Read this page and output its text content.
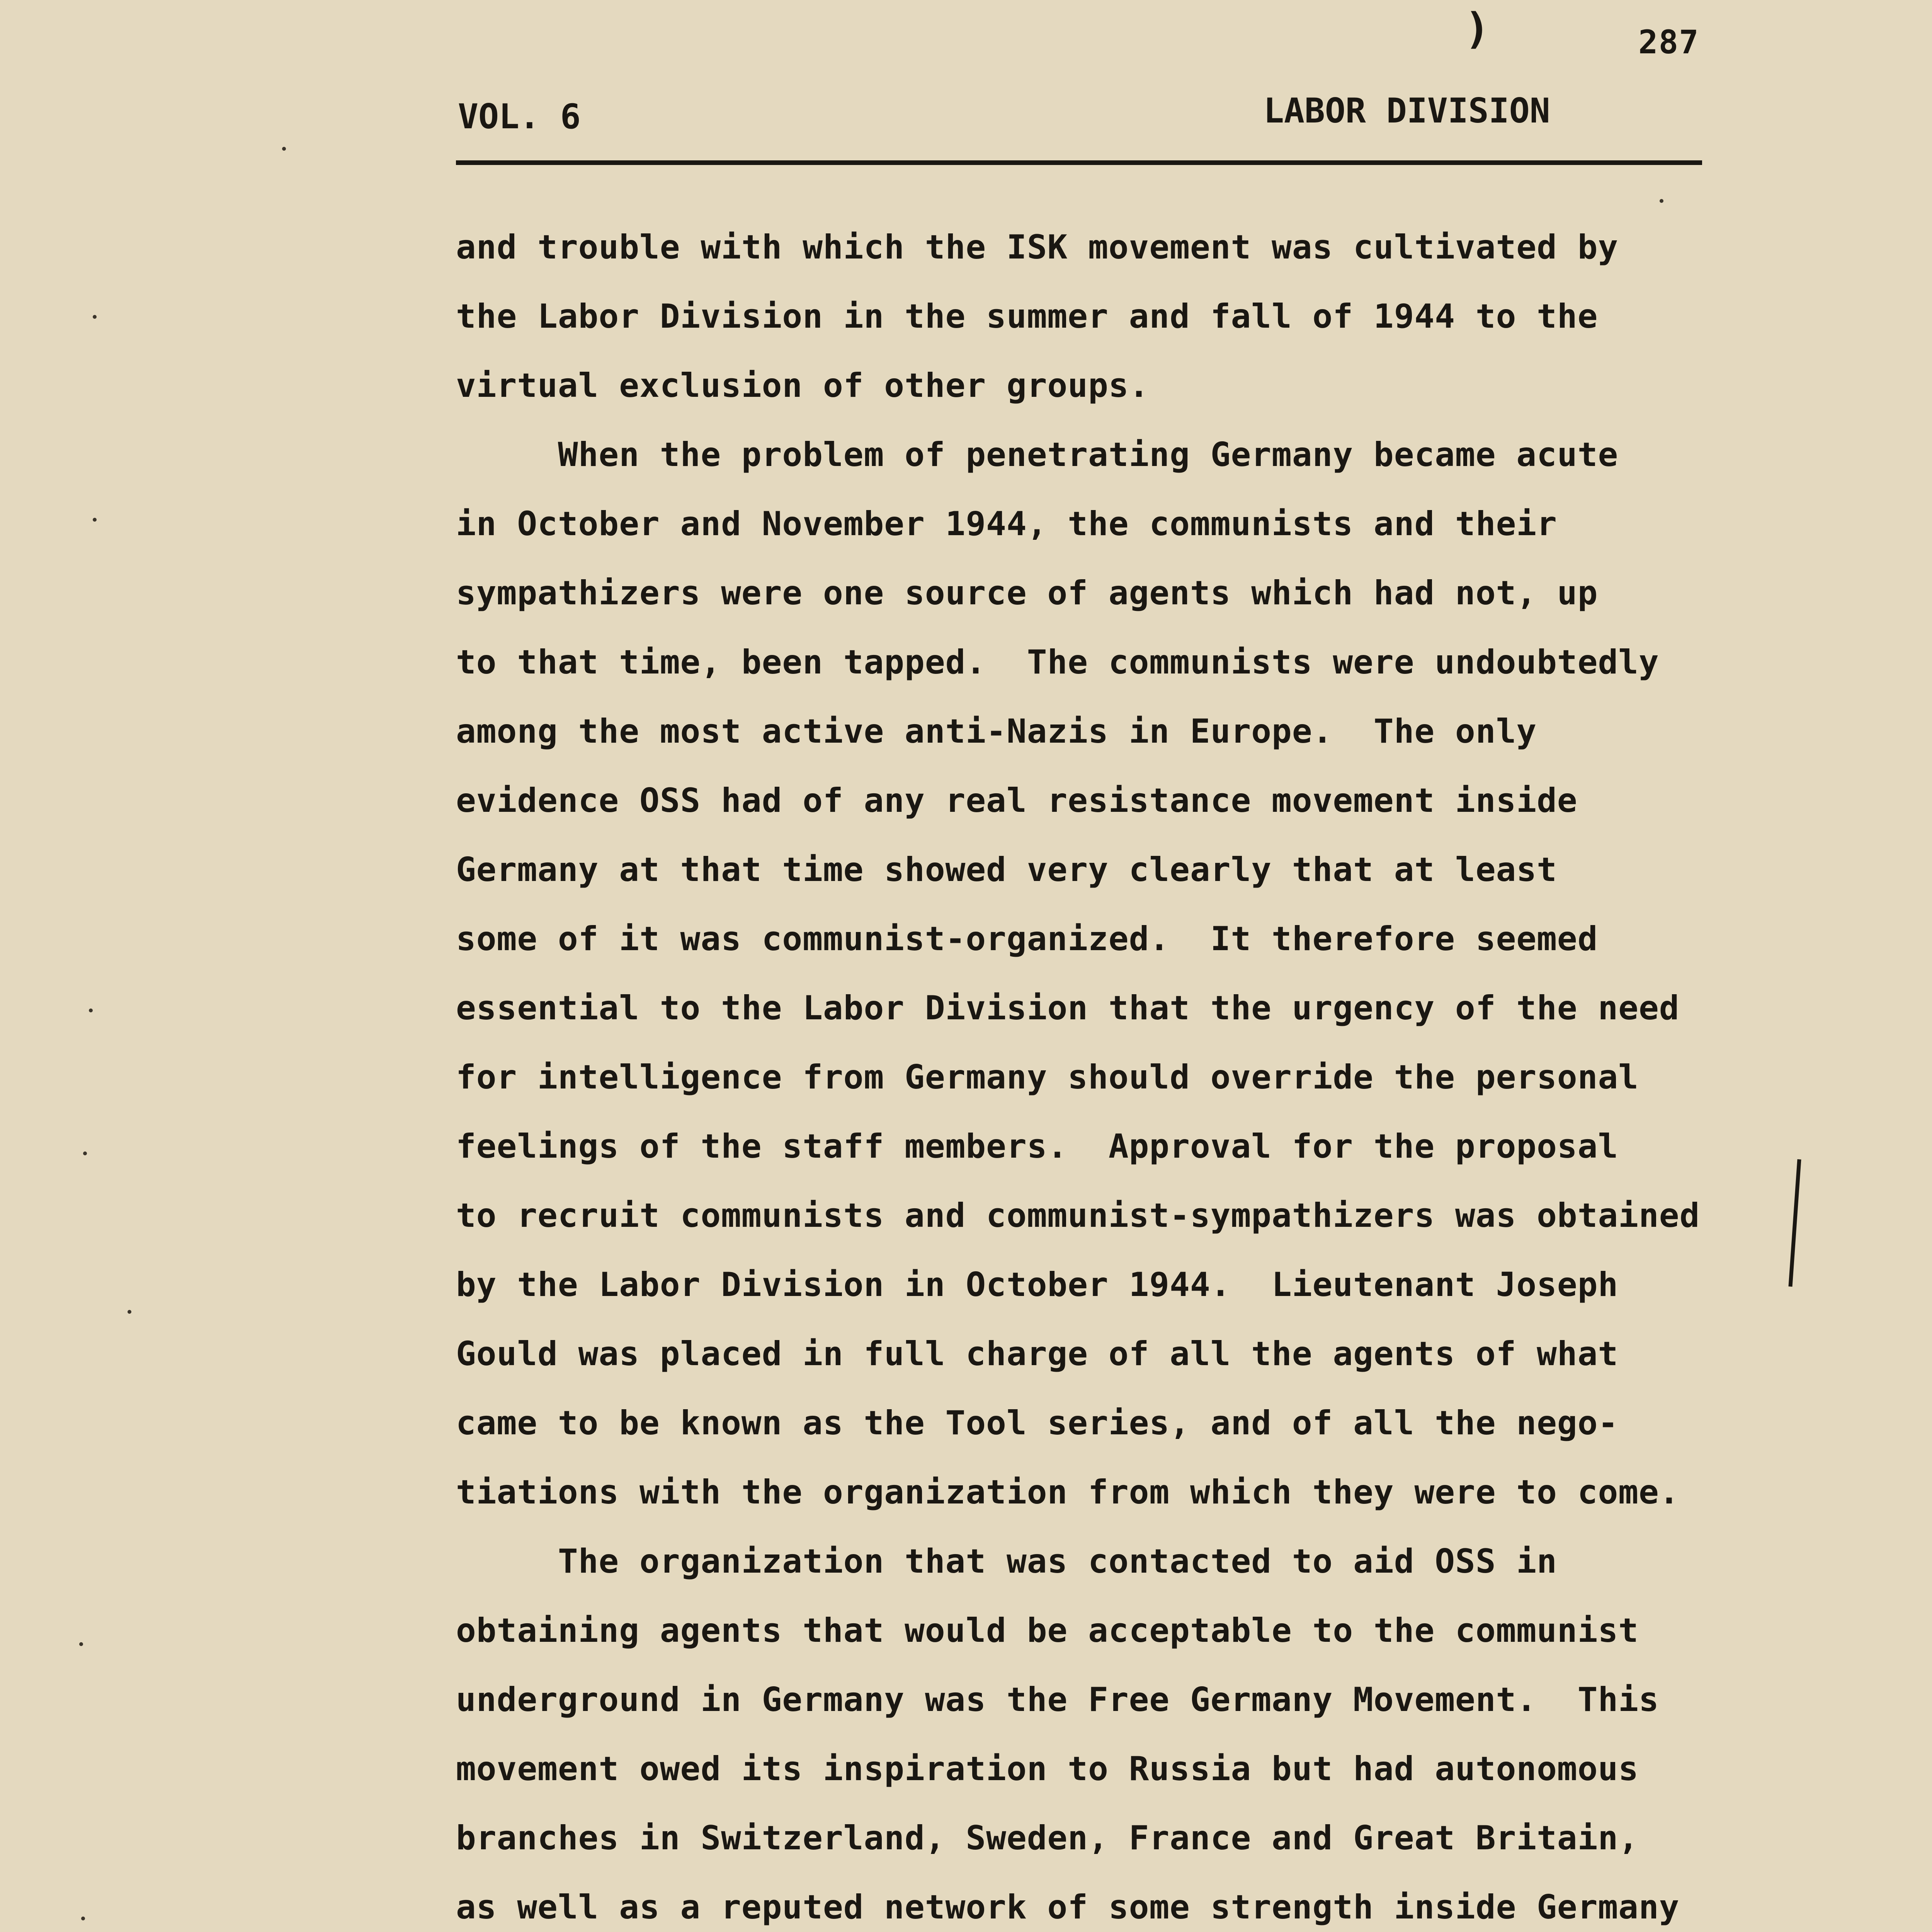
)	287
VOL. 6	LABOR DIVISION
and trouble with which the ISK movement was cultivated by
the Labor Division in the summer and fall of 1944 to the
virtual exclusion of other groups.
When the problem of penetrating Germany became acute
in October and November 1944, the communists and their
sympathizers were one source of agents which had not, up
to that time, been tapped.  The communists were undoubtedly
among the most active anti-Nazis in Europe.  The only
evidence OSS had of any real resistance movement inside
Germany at that time showed very clearly that at least
some of it was communist-organized.  It therefore seemed
essential to the Labor Division that the urgency of the need
for intelligence from Germany should override the personal
feelings of the staff members.  Approval for the proposal
to recruit communists and communist-sympathizers was obtained
by the Labor Division in October 1944.  Lieutenant Joseph
Gould was placed in full charge of all the agents of what
came to be known as the Tool series, and of all the nego-
tiations with the organization from which they were to come.
The organization that was contacted to aid OSS in
obtaining agents that would be acceptable to the communist
underground in Germany was the Free Germany Movement.  This
movement owed its inspiration to Russia but had autonomous
branches in Switzerland, Sweden, France and Great Britain,
as well as a reputed network of some strength inside Germany
